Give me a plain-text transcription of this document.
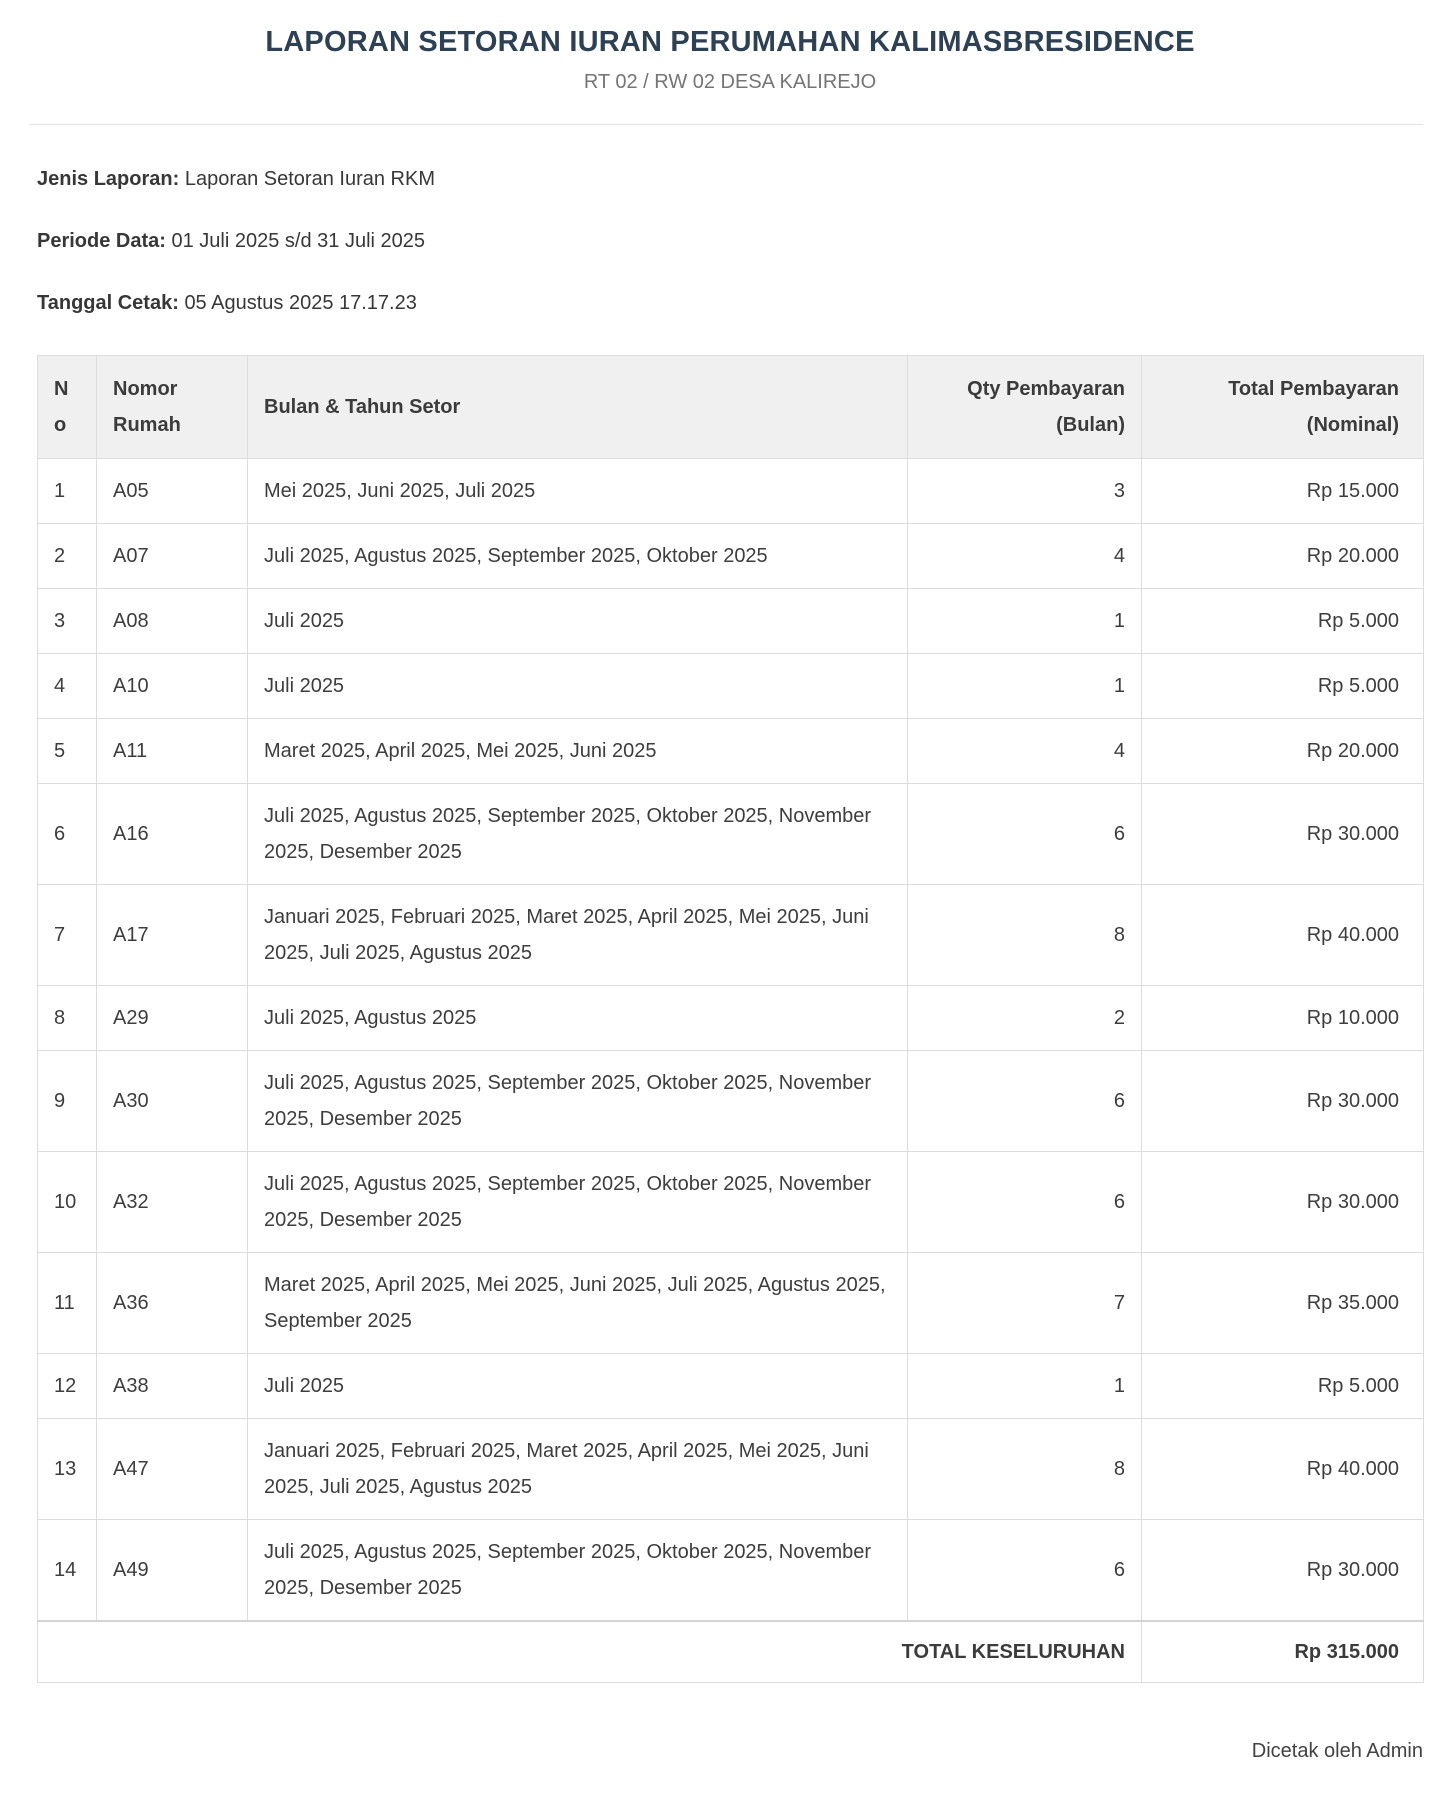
LAPORAN SETORAN IURAN PERUMAHAN KALIMASBRESIDENCE
RT 02 / RW 02 DESA KALIREJO

Jenis Laporan: Laporan Setoran Iuran RKM

Periode Data: 01 Juli 2025 s/d 31 Juli 2025

Tanggal Cetak: 05 Agustus 2025 17.17.23

No	Nomor Rumah	Bulan & Tahun Setor	Qty Pembayaran (Bulan)	Total Pembayaran (Nominal)
1	A05	Mei 2025, Juni 2025, Juli 2025	3	Rp 15.000
2	A07	Juli 2025, Agustus 2025, September 2025, Oktober 2025	4	Rp 20.000
3	A08	Juli 2025	1	Rp 5.000
4	A10	Juli 2025	1	Rp 5.000
5	A11	Maret 2025, April 2025, Mei 2025, Juni 2025	4	Rp 20.000
6	A16	Juli 2025, Agustus 2025, September 2025, Oktober 2025, November 2025, Desember 2025	6	Rp 30.000
7	A17	Januari 2025, Februari 2025, Maret 2025, April 2025, Mei 2025, Juni 2025, Juli 2025, Agustus 2025	8	Rp 40.000
8	A29	Juli 2025, Agustus 2025	2	Rp 10.000
9	A30	Juli 2025, Agustus 2025, September 2025, Oktober 2025, November 2025, Desember 2025	6	Rp 30.000
10	A32	Juli 2025, Agustus 2025, September 2025, Oktober 2025, November 2025, Desember 2025	6	Rp 30.000
11	A36	Maret 2025, April 2025, Mei 2025, Juni 2025, Juli 2025, Agustus 2025, September 2025	7	Rp 35.000
12	A38	Juli 2025	1	Rp 5.000
13	A47	Januari 2025, Februari 2025, Maret 2025, April 2025, Mei 2025, Juni 2025, Juli 2025, Agustus 2025	8	Rp 40.000
14	A49	Juli 2025, Agustus 2025, September 2025, Oktober 2025, November 2025, Desember 2025	6	Rp 30.000
TOTAL KESELURUHAN				Rp 315.000
Dicetak oleh Admin
